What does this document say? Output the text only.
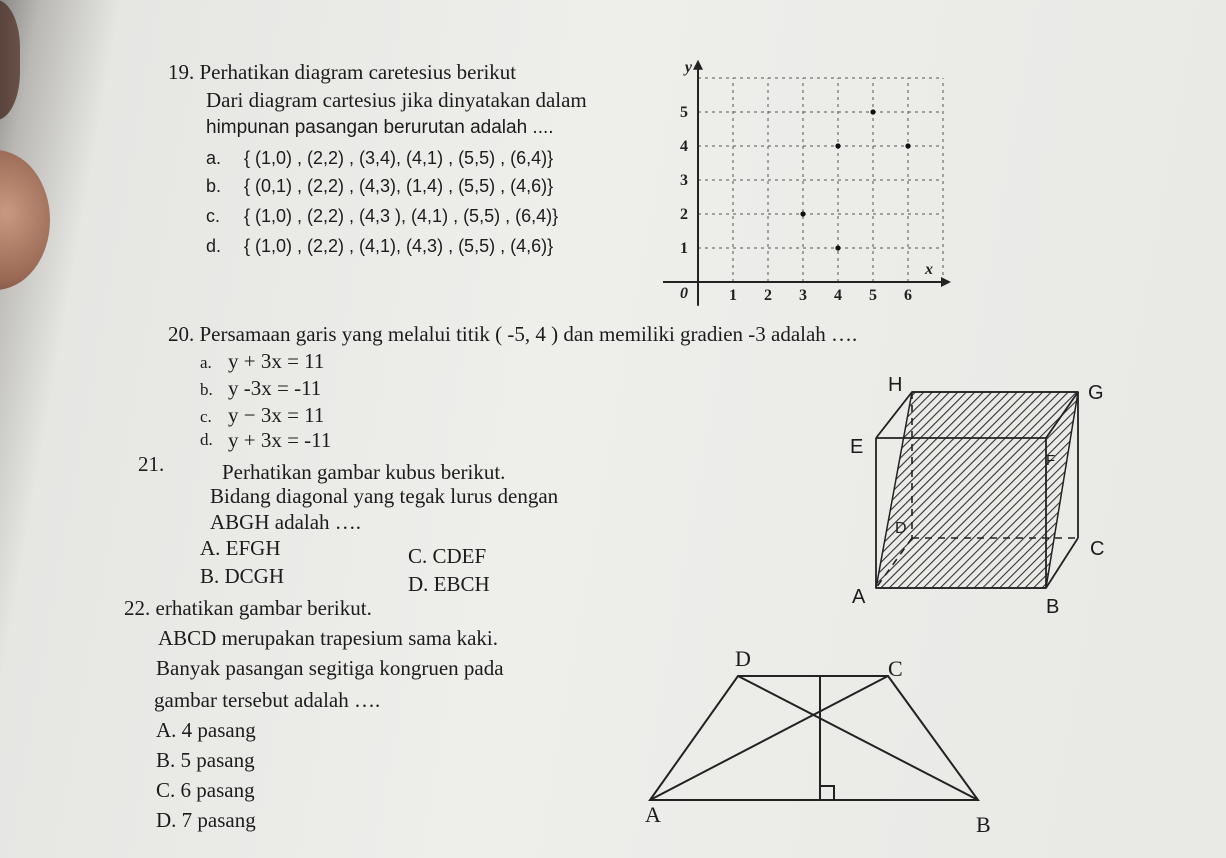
19. Perhatikan diagram caretesius berikut
Dari diagram cartesius jika dinyatakan dalam
himpunan pasangan berurutan adalah ....
a. { (1,0) , (2,2) , (3,4), (4,1) , (5,5) , (6,4)}
b. { (0,1) , (2,2) , (4,3), (1,4) , (5,5) , (4,6)}
c. { (1,0) , (2,2) , (4,3 ), (4,1) , (5,5) , (6,4)}
d. { (1,0) , (2,2) , (4,1), (4,3) , (5,5) , (4,6)}
1 2 3 4 5 6
1
2
3
4
5
0
x
y
20. Persamaan garis yang melalui titik ( -5, 4 ) dan memiliki gradien -3 adalah ….
a. y + 3x = 11
b. y -3x = -11
c. y − 3x = 11
d. y + 3x = -11
21.	Perhatikan gambar kubus berikut.
Bidang diagonal yang tegak lurus dengan
ABGH adalah ….
A. EFGH	C. CDEF
B. DCGH	D. EBCH
H	G
E
F
D
C
A	B
22. erhatikan gambar berikut.
ABCD merupakan trapesium sama kaki.
Banyak pasangan segitiga kongruen pada
gambar tersebut adalah ….
A. 4 pasang
B. 5 pasang
C. 6 pasang
D. 7 pasang
D	C
A	B
